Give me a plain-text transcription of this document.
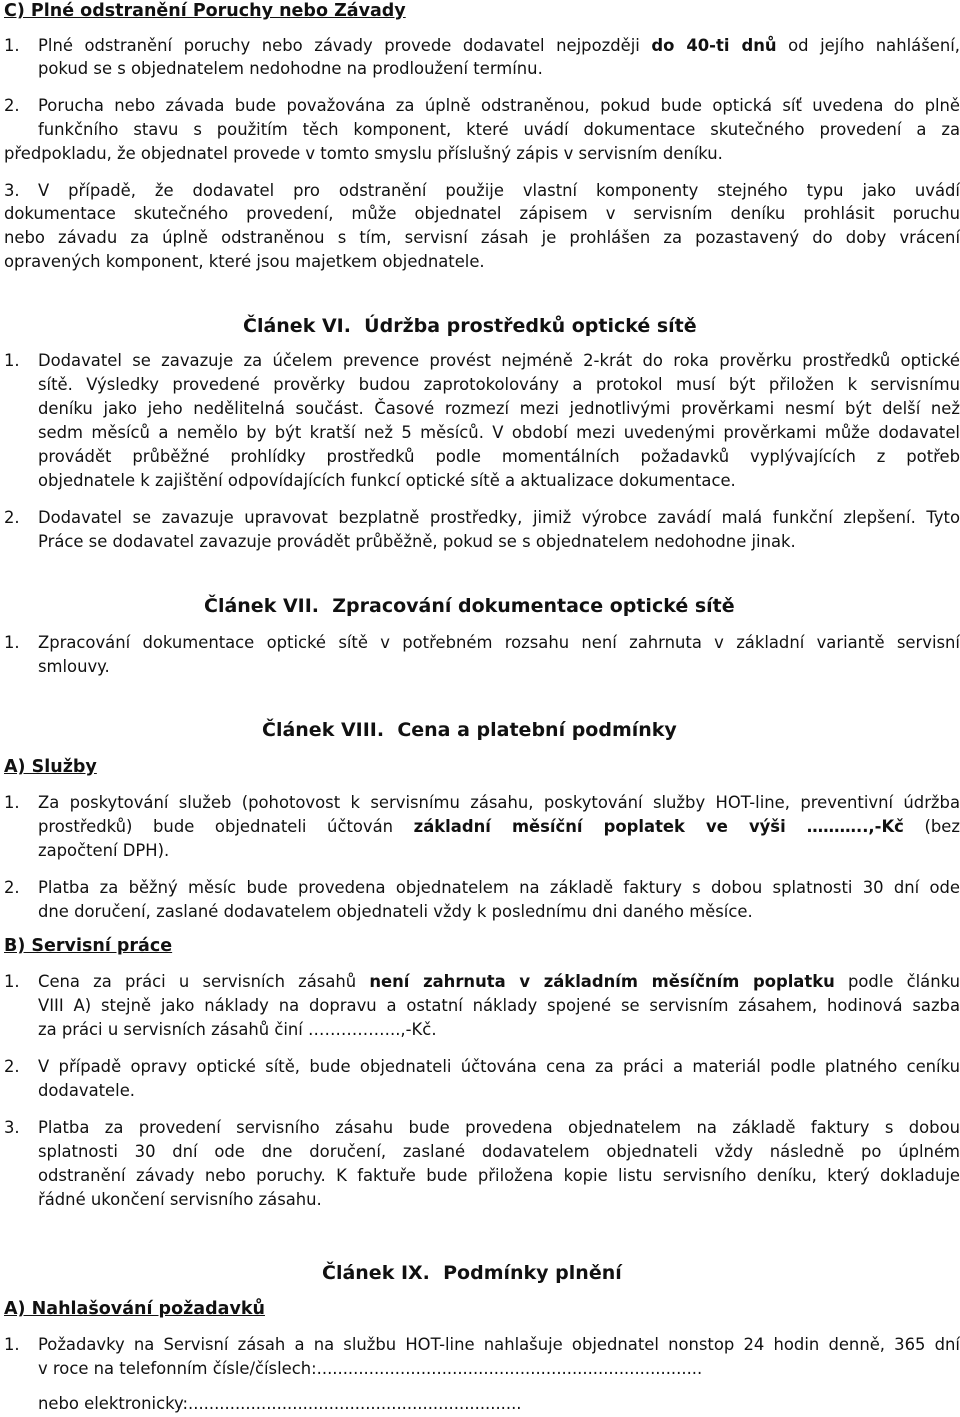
C) Plné odstranění Poruchy nebo Závady
1. Plné odstranění poruchy nebo závady provede dodavatel nejpozději do 40-ti dnů od jejího nahlášení,
pokud se s objednatelem nedohodne na prodloužení termínu.
2. Porucha nebo závada bude považována za úplně odstraněnou, pokud bude optická síť uvedena do plně
funkčního stavu s použitím těch komponent, které uvádí dokumentace skutečného provedení a za
předpokladu, že objednatel provede v tomto smyslu příslušný zápis v servisním deníku.
3. V případě, že dodavatel pro odstranění použije vlastní komponenty stejného typu jako uvádí
dokumentace skutečného provedení, může objednatel zápisem v servisním deníku prohlásit poruchu
nebo závadu za úplně odstraněnou s tím, servisní zásah je prohlášen za pozastavený do doby vrácení
opravených komponent, které jsou majetkem objednatele.
Článek VI. Údržba prostředků optické sítě
1. Dodavatel se zavazuje za účelem prevence provést nejméně 2-krát do roka prověrku prostředků optické
sítě. Výsledky provedené prověrky budou zaprotokolovány a protokol musí být přiložen k servisnímu
deníku jako jeho nedělitelná součást. Časové rozmezí mezi jednotlivými prověrkami nesmí být delší než
sedm měsíců a nemělo by být kratší než 5 měsíců. V období mezi uvedenými prověrkami může dodavatel
provádět průběžné prohlídky prostředků podle momentálních požadavků vyplývajících z potřeb
objednatele k zajištění odpovídajících funkcí optické sítě a aktualizace dokumentace.
2. Dodavatel se zavazuje upravovat bezplatně prostředky, jimiž výrobce zavádí malá funkční zlepšení. Tyto
Práce se dodavatel zavazuje provádět průběžně, pokud se s objednatelem nedohodne jinak.
Článek VII. Zpracování dokumentace optické sítě
1. Zpracování dokumentace optické sítě v potřebném rozsahu není zahrnuta v základní variantě servisní
smlouvy.
Článek VIII. Cena a platební podmínky
A) Služby
1. Za poskytování služeb (pohotovost k servisnímu zásahu, poskytování služby HOT-line, preventivní údržba
prostředků) bude objednateli účtován základní měsíční poplatek ve výši ………..,-Kč (bez
započtení DPH).
2. Platba za běžný měsíc bude provedena objednatelem na základě faktury s dobou splatnosti 30 dní ode
dne doručení, zaslané dodavatelem objednateli vždy k poslednímu dni daného měsíce.
B) Servisní práce
1. Cena za práci u servisních zásahů není zahrnuta v základním měsíčním poplatku podle článku
VIII A) stejně jako náklady na dopravu a ostatní náklady spojené se servisním zásahem, hodinová sazba
za práci u servisních zásahů činí ……………..,-Kč.
2. V případě opravy optické sítě, bude objednateli účtována cena za práci a materiál podle platného ceníku
dodavatele.
3. Platba za provedení servisního zásahu bude provedena objednatelem na základě faktury s dobou
splatnosti 30 dní ode dne doručení, zaslané dodavatelem objednateli vždy následně po úplném
odstranění závady nebo poruchy. K faktuře bude přiložena kopie listu servisního deníku, který dokladuje
řádné ukončení servisního zásahu.
Článek IX. Podmínky plnění
A) Nahlašování požadavků
1. Požadavky na Servisní zásah a na službu HOT-line nahlašuje objednatel nonstop 24 hodin denně, 365 dní
v roce na telefonním čísle/číslech:..........................................................................
nebo elektronicky:................................................................
